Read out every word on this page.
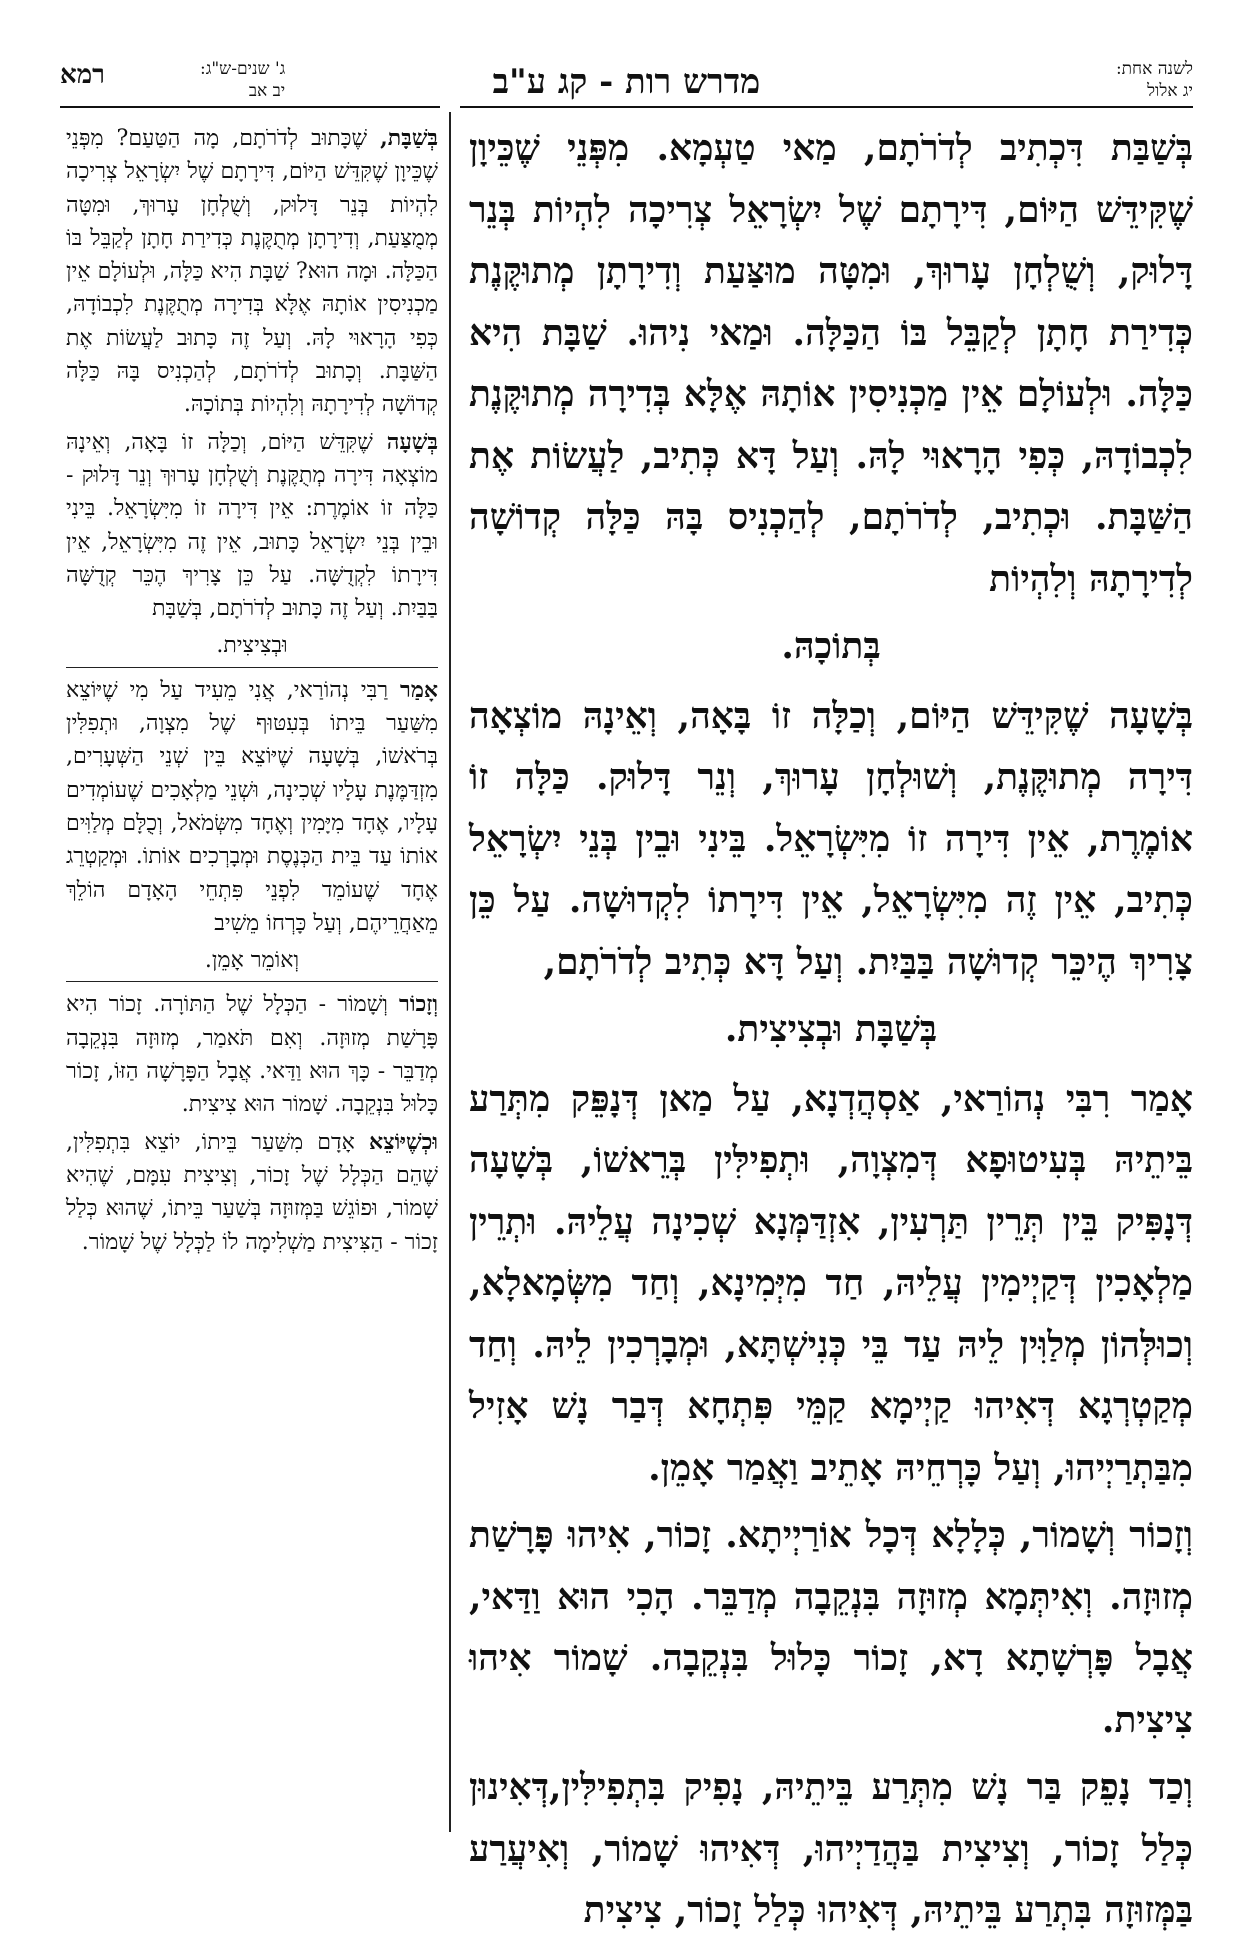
לשנה אחת:
יג אלול
מדרש רות - קג ע"ב
ג' שנים-ש"ג:
יב אב
רמא

בְּשַׁבַּת דִּכְתִיב לְדֹרֹתָם, מַאי טַעְמָא. מִפְּנֵי שֶׁכֵּיוָן שֶׁקִּידֵּשׁ הַיּוֹם, דִּירָתָם שֶׁל יִשְׂרָאֵל צְרִיכָה לִהְיוֹת בְּנֵר דָּלוּק, וְשֻׁלְחָן עָרוּךְ, וּמִטָּה מוּצַּעַת וְדִירָתָן מְתוּקֶּנֶת כְּדִירַת חָתָן לְקַבֵּל בּוֹ הַכַּלָּה. וּמַאי נִיהוּ. שַׁבָּת הִיא כַּלָּה. וּלְעוֹלָם אֵין מַכְנִיסִין אוֹתָהּ אֶלָּא בְּדִירָה מְתוּקֶּנֶת לִכְבוֹדָהּ, כְּפִי הָרָאוּי לָהּ. וְעַל דָּא כְּתִיב, לַעֲשׂוֹת אֶת הַשַּׁבָּת. וּכְתִיב, לְדֹרֹתָם, לְהַכְנִיס בָּהּ כַּלָּה קְדוֹשָׁה לְדִירָתָהּ וְלִהְיוֹת

בְּתוֹכָהּ.

בְּשָׁעָה שֶׁקִּידֵּשׁ הַיּוֹם, וְכַלָּה זוֹ בָּאָה, וְאֵינָהּ מוֹצְאָה דִּירָה מְתוּקֶּנֶת, וְשׁוּלְחָן עָרוּךְ, וְנֵר דָּלוּק. כַּלָּה זוֹ אוֹמֶרֶת, אֵין דִּירָה זוֹ מִיִּשְׂרָאֵל. בֵּינִי וּבֵין בְּנֵי יִשְׂרָאֵל כְּתִיב, אֵין זֶה מִיִּשְׂרָאֵל, אֵין דִּירָתוֹ לִקְדוּשָׁה. עַל כֵּן צָרִיךְ הֶיכֵּר קְדוּשָׁה בַּבַּיִת. וְעַל דָּא כְּתִיב לְדֹרֹתָם,

בְּשַׁבָּת וּבְצִיצִית.

אָמַר רִבִּי נְהוֹרַאי, אַסְהֲדְנָא, עַל מַאן דְּנָפֵּק מִתְּרַע בֵּיתֵיהּ בְּעִיטוּפָא דְּמִצְוָה, וּתְפִילִּין בְּרֵאשׁוֹ, בְּשָׁעָה דְּנָפִּיק בֵּין תְּרֵין תַּרְעִין, אִזְדַּמְּנָא שְׁכִינָה עֲלֵיהּ. וּתְרֵין מַלְאָכִין דְּקַיְימִין עֲלֵיהּ, חַד מִיְּמִינָא, וְחַד מִשְּׂמָאלָא, וְכוּלְּהוֹן מְלַוִּין לֵיהּ עַד בֵּי כְּנִישְׁתָּא, וּמְבָרְכִין לֵיהּ. וְחַד מְקַטְרְגָא דְּאִיהוּ קַיְימָא קַמֵּי פִּתְחָא דְּבַר נָשׁ אָזִיל מִבַּתְרַיְיהוּ, וְעַל כָּרְחֵיהּ אָתֵיב וַאֲמַר אָמֵן.

וְזָכוֹר וְשָׁמוֹר, כְּלָלָא דְּכָל אוֹרַיְיתָא. זָכוֹר, אִיהוּ פָּרָשַׁת מְזוּזָה. וְאִיתְּמָא מְזוּזָה בִּנְקֵבָה מְדַבֵּר. הָכִי הוּא וַדַּאי, אֲבָל פָּרְשָׁתָא דָא, זָכוֹר כָּלוּל בִּנְקֵבָה. שָׁמוֹר אִיהוּ צִיצִית.

וְכַד נָפֵק בַּר נָשׁ מִתְּרַע בֵּיתֵיהּ, נָפִיק בִּתְפִילִּין,דְּאִינוּן כְּלַל זָכוֹר, וְצִיצִית בַּהֲדַיְיהוּ, דְּאִיהוּ שָׁמוֹר, וְאִיעֲרַע בַּמְּזוּזָה בִּתְרַע בֵּיתֵיהּ, דְּאִיהוּ כְּלַל זָכוֹר, צִיצִית

בְּשַׁבָּת, שֶׁכָּתוּב לְדֹרֹתָם, מָה הַטַּעַם? מִפְּנֵי שֶׁכֵּיוָן שֶׁקִּדֵּשׁ הַיּוֹם, דִּירָתָם שֶׁל יִשְׂרָאֵל צְרִיכָה לִהְיוֹת בְּנֵר דָּלוּק, וְשֻׁלְחָן עָרוּךְ, וּמִטָּה מְמֻצַּעַת, וְדִירָתָן מְתֻקֶּנֶת כְּדִירַת חָתָן לְקַבֵּל בּוֹ הַכַּלָּה. וּמָה הוּא? שַׁבָּת הִיא כַּלָּה, וּלְעוֹלָם אֵין מַכְנִיסִין אוֹתָהּ אֶלָּא בְּדִירָה מְתֻקֶּנֶת לִכְבוֹדָהּ, כְּפִי הָרָאוּי לָהּ. וְעַל זֶה כָּתוּב לַעֲשׂוֹת אֶת הַשַּׁבָּת. וְכָתוּב לְדֹרֹתָם, לְהַכְנִיס בָּהּ כַּלָּה קְדוֹשָׁה לְדִירָתָהּ וְלִהְיוֹת בְּתוֹכָהּ.

בְּשָׁעָה שֶׁקִּדֵּשׁ הַיּוֹם, וְכַלָּה זוֹ בָּאָה, וְאֵינָהּ מוֹצְאָה דִּירָה מְתֻקֶּנֶת וְשֻׁלְחָן עָרוּךְ וְנֵר דָּלוּק - כַּלָּה זוֹ אוֹמֶרֶת: אֵין דִּירָה זוֹ מִיִּשְׂרָאֵל. בֵּינִי וּבֵין בְּנֵי יִשְׂרָאֵל כָּתוּב, אֵין זֶה מִיִּשְׂרָאֵל, אֵין דִּירָתוֹ לִקְדֻשָּׁה. עַל כֵּן צָרִיךְ הֶכֵּר קְדֻשָּׁה בַּבַּיִת. וְעַל זֶה כָּתוּב לְדֹרֹתָם, בְּשַׁבָּת

וּבְצִיצִית.

אָמַר רַבִּי נְהוֹרַאי, אֲנִי מֵעִיד עַל מִי שֶׁיּוֹצֵא מִשַּׁעַר בֵּיתוֹ בְּעִטּוּף שֶׁל מִצְוָה, וּתְפִלִּין בְּרֹאשׁוֹ, בְּשָׁעָה שֶׁיּוֹצֵא בֵּין שְׁנֵי הַשְּׁעָרִים, מִזְדַּמֶּנֶת עָלָיו שְׁכִינָה, וּשְׁנֵי מַלְאָכִים שֶׁעוֹמְדִים עָלָיו, אֶחָד מִיָּמִין וְאֶחָד מִשְּׂמֹאל, וְכֻלָּם מְלַוִּים אוֹתוֹ עַד בֵּית הַכְּנֶסֶת וּמְבָרְכִים אוֹתוֹ. וּמְקַטְרֵג אֶחָד שֶׁעוֹמֵד לִפְנֵי פִּתְחֵי הָאָדָם הוֹלֵךְ מֵאַחֲרֵיהֶם, וְעַל כָּרְחוֹ מֵשִׁיב

וְאוֹמֵר אָמֵן.

וְזָכוֹר וְשָׁמוֹר - הַכְּלָל שֶׁל הַתּוֹרָה. זָכוֹר הִיא פָּרָשַׁת מְזוּזָה. וְאִם תֹּאמַר, מְזוּזָה בִּנְקֵבָה מְדַבֵּר - כָּךְ הוּא וַדַּאי. אֲבָל הַפָּרָשָׁה הַזּוֹ, זָכוֹר כָּלוּל בִּנְקֵבָה. שָׁמוֹר הוּא צִיצִית.

וּכְשֶׁיּוֹצֵא אָדָם מִשַּׁעַר בֵּיתוֹ, יוֹצֵא בִּתְפִלִּין, שֶׁהֵם הַכְּלָל שֶׁל זָכוֹר, וְצִיצִית עִמָּם, שֶׁהִיא שָׁמוֹר, וּפוֹגֵשׁ בַּמְּזוּזָה בְּשַׁעַר בֵּיתוֹ, שֶׁהוּא כְּלַל זָכוֹר - הַצִּיצִית מַשְׁלִימָה לוֹ לַכְּלָל שֶׁל שָׁמוֹר.
